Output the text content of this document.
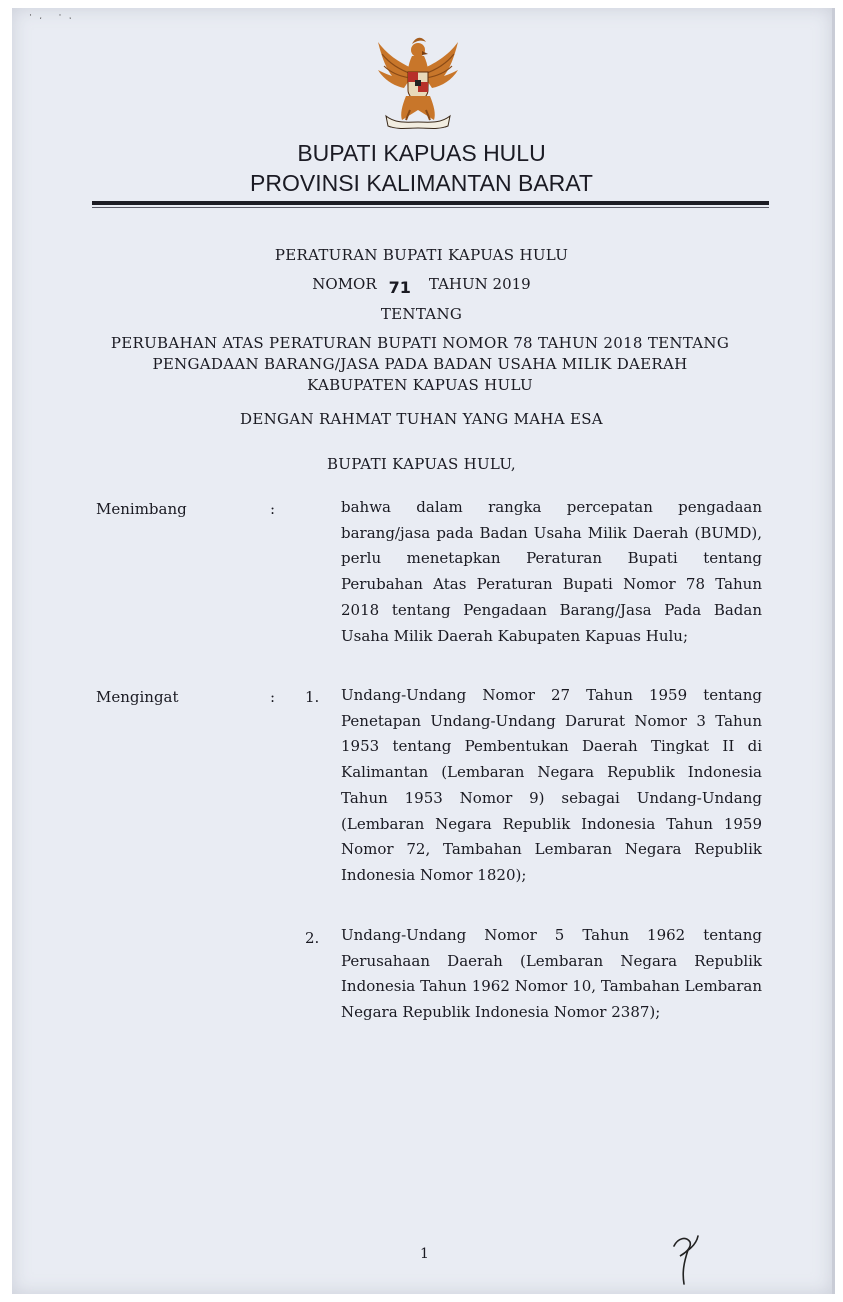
˙ˑ ˙ˑ
BUPATI KAPUAS HULU
PROVINSI KALIMANTAN BARAT
PERATURAN BUPATI KAPUAS HULU
NOMOR 71 TAHUN 2019
TENTANG
PERUBAHAN ATAS PERATURAN BUPATI NOMOR 78 TAHUN 2018 TENTANG
PENGADAAN BARANG/JASA PADA BADAN USAHA MILIK DAERAH
KABUPATEN KAPUAS HULU
DENGAN RAHMAT TUHAN YANG MAHA ESA
BUPATI KAPUAS HULU,
Menimbang	:	bahwa dalam rangka percepatan pengadaan barang/jasa pada Badan Usaha Milik Daerah (BUMD), perlu menetapkan Peraturan Bupati tentang Perubahan Atas Peraturan Bupati Nomor 78 Tahun 2018 tentang Pengadaan Barang/Jasa Pada Badan Usaha Milik Daerah Kabupaten Kapuas Hulu;
Mengingat	: 1. Undang-Undang Nomor 27 Tahun 1959 tentang Penetapan Undang-Undang Darurat Nomor 3 Tahun 1953 tentang Pembentukan Daerah Tingkat II di Kalimantan (Lembaran Negara Republik Indonesia Tahun 1953 Nomor 9) sebagai Undang-Undang (Lembaran Negara Republik Indonesia Tahun 1959 Nomor 72, Tambahan Lembaran Negara Republik Indonesia Nomor 1820);
2. Undang-Undang Nomor 5 Tahun 1962 tentang Perusahaan Daerah (Lembaran Negara Republik Indonesia Tahun 1962 Nomor 10, Tambahan Lembaran Negara Republik Indonesia Nomor 2387);
1
